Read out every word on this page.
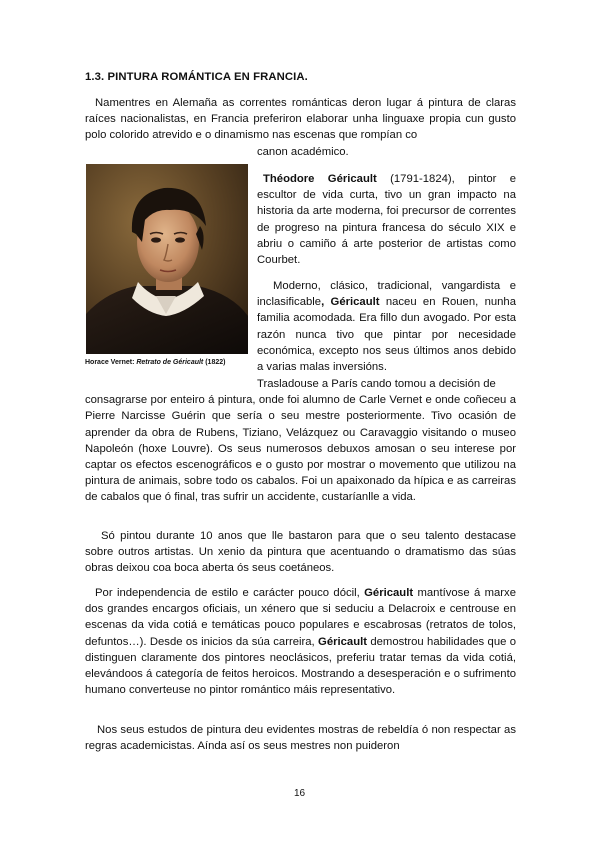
1.3. PINTURA ROMÁNTICA EN FRANCIA.
Namentres en Alemaña as correntes románticas deron lugar á pintura de claras raíces nacionalistas, en Francia preferiron elaborar unha linguaxe propia cun gusto polo colorido atrevido e o dinamismo nas escenas que rompían co
canon académico.
Horace Vernet: Retrato de Géricault (1822)
Théodore Géricault (1791-1824), pintor e escultor de vida curta, tivo un gran impacto na historia da arte moderna, foi precursor de correntes de progreso na pintura francesa do século XIX e abriu o camiño á arte posterior de artistas como Courbet.
Moderno, clásico, tradicional, vangardista e inclasificable, Géricault naceu en Rouen, nunha familia acomodada. Era fillo dun avogado. Por esta razón nunca tivo que pintar por necesidade económica, excepto nos seus últimos anos debido a varias malas inversións.
Trasladouse a París cando tomou a decisión de
consagrarse por enteiro á pintura, onde foi alumno de Carle Vernet e onde coñeceu a Pierre Narcisse Guérin que sería o seu mestre posteriormente. Tivo ocasión de aprender da obra de Rubens, Tiziano, Velázquez ou Caravaggio visitando o museo Napoleón (hoxe Louvre). Os seus numerosos debuxos amosan o seu interese por captar os efectos escenográficos e o gusto por mostrar o movemento que utilizou na pintura de animais, sobre todo os cabalos. Foi un apaixonado da hípica e as carreiras de cabalos que ó final, tras sufrir un accidente, custaríanlle a vida.
Só pintou durante 10 anos que lle bastaron para que o seu talento destacase sobre outros artistas. Un xenio da pintura que acentuando o dramatismo das súas obras deixou coa boca aberta ós seus coetáneos.
Por independencia de estilo e carácter pouco dócil, Géricault mantívose á marxe dos grandes encargos oficiais, un xénero que si seduciu a Delacroix e centrouse en escenas da vida cotiá e temáticas pouco populares e escabrosas (retratos de tolos, defuntos…). Desde os inicios da súa carreira, Géricault demostrou habilidades que o distinguen claramente dos pintores neoclásicos, preferiu tratar temas da vida cotiá, elevándoos á categoría de feitos heroicos. Mostrando a desesperación e o sufrimento humano converteuse no pintor romántico máis representativo.
Nos seus estudos de pintura deu evidentes mostras de rebeldía ó non respectar as regras academicistas. Aínda así os seus mestres non puideron
16
